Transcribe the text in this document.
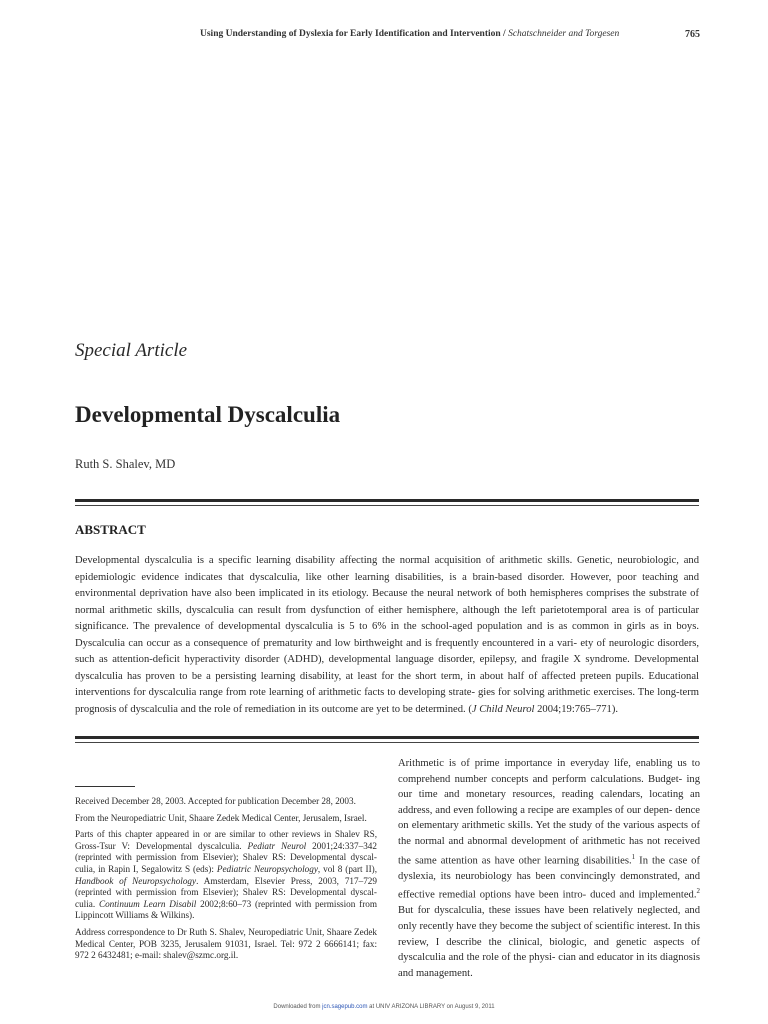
Using Understanding of Dyslexia for Early Identification and Intervention / Schatschneider and Torgesen	765
Special Article
Developmental Dyscalculia
Ruth S. Shalev, MD
ABSTRACT
Developmental dyscalculia is a specific learning disability affecting the normal acquisition of arithmetic skills. Genetic, neurobiologic, and epidemiologic evidence indicates that dyscalculia, like other learning disabilities, is a brain-based disorder. However, poor teaching and environmental deprivation have also been implicated in its etiology. Because the neural network of both hemispheres comprises the substrate of normal arithmetic skills, dyscalculia can result from dysfunction of either hemisphere, although the left parietotemporal area is of particular significance. The prevalence of developmental dyscalculia is 5 to 6% in the school-aged population and is as common in girls as in boys. Dyscalculia can occur as a consequence of prematurity and low birthweight and is frequently encountered in a vari- ety of neurologic disorders, such as attention-deficit hyperactivity disorder (ADHD), developmental language disorder, epilepsy, and fragile X syndrome. Developmental dyscalculia has proven to be a persisting learning disability, at least for the short term, in about half of affected preteen pupils. Educational interventions for dyscalculia range from rote learning of arithmetic facts to developing strate- gies for solving arithmetic exercises. The long-term prognosis of dyscalculia and the role of remediation in its outcome are yet to be determined. (J Child Neurol 2004;19:765–771).

Received December 28, 2003. Accepted for publication December 28, 2003.

From the Neuropediatric Unit, Shaare Zedek Medical Center, Jerusalem, Israel.

Parts of this chapter appeared in or are similar to other reviews in Shalev RS, Gross-Tsur V: Developmental dyscalculia. Pediatr Neurol 2001;24:337–342 (reprinted with permission from Elsevier); Shalev RS: Developmental dyscal- culia, in Rapin I, Segalowitz S (eds): Pediatric Neuropsychology, vol 8 (part II), Handbook of Neuropsychology. Amsterdam, Elsevier Press, 2003, 717–729 (reprinted with permission from Elsevier); Shalev RS: Developmental dyscal- culia. Continuum Learn Disabil 2002;8:60–73 (reprinted with permission from Lippincott Williams & Wilkins).

Address correspondence to Dr Ruth S. Shalev, Neuropediatric Unit, Shaare Zedek Medical Center, POB 3235, Jerusalem 91031, Israel. Tel: 972 2 6666141; fax: 972 2 6432481; e-mail: shalev@szmc.org.il.

Arithmetic is of prime importance in everyday life, enabling us to comprehend number concepts and perform calculations. Budget- ing our time and monetary resources, reading calendars, locating an address, and even following a recipe are examples of our depen- dence on elementary arithmetic skills. Yet the study of the various aspects of the normal and abnormal development of arithmetic has not received the same attention as have other learning disabilities.$^1$ In the case of dyslexia, its neurobiology has been convincingly demonstrated, and effective remedial options have been intro- duced and implemented.$^2$ But for dyscalculia, these issues have been relatively neglected, and only recently have they become the subject of scientific interest. In this review, I describe the clinical, biologic, and genetic aspects of dyscalculia and the role of the physi- cian and educator in its diagnosis and management.

Downloaded from jcn.sagepub.com at UNIV ARIZONA LIBRARY on August 9, 2011
